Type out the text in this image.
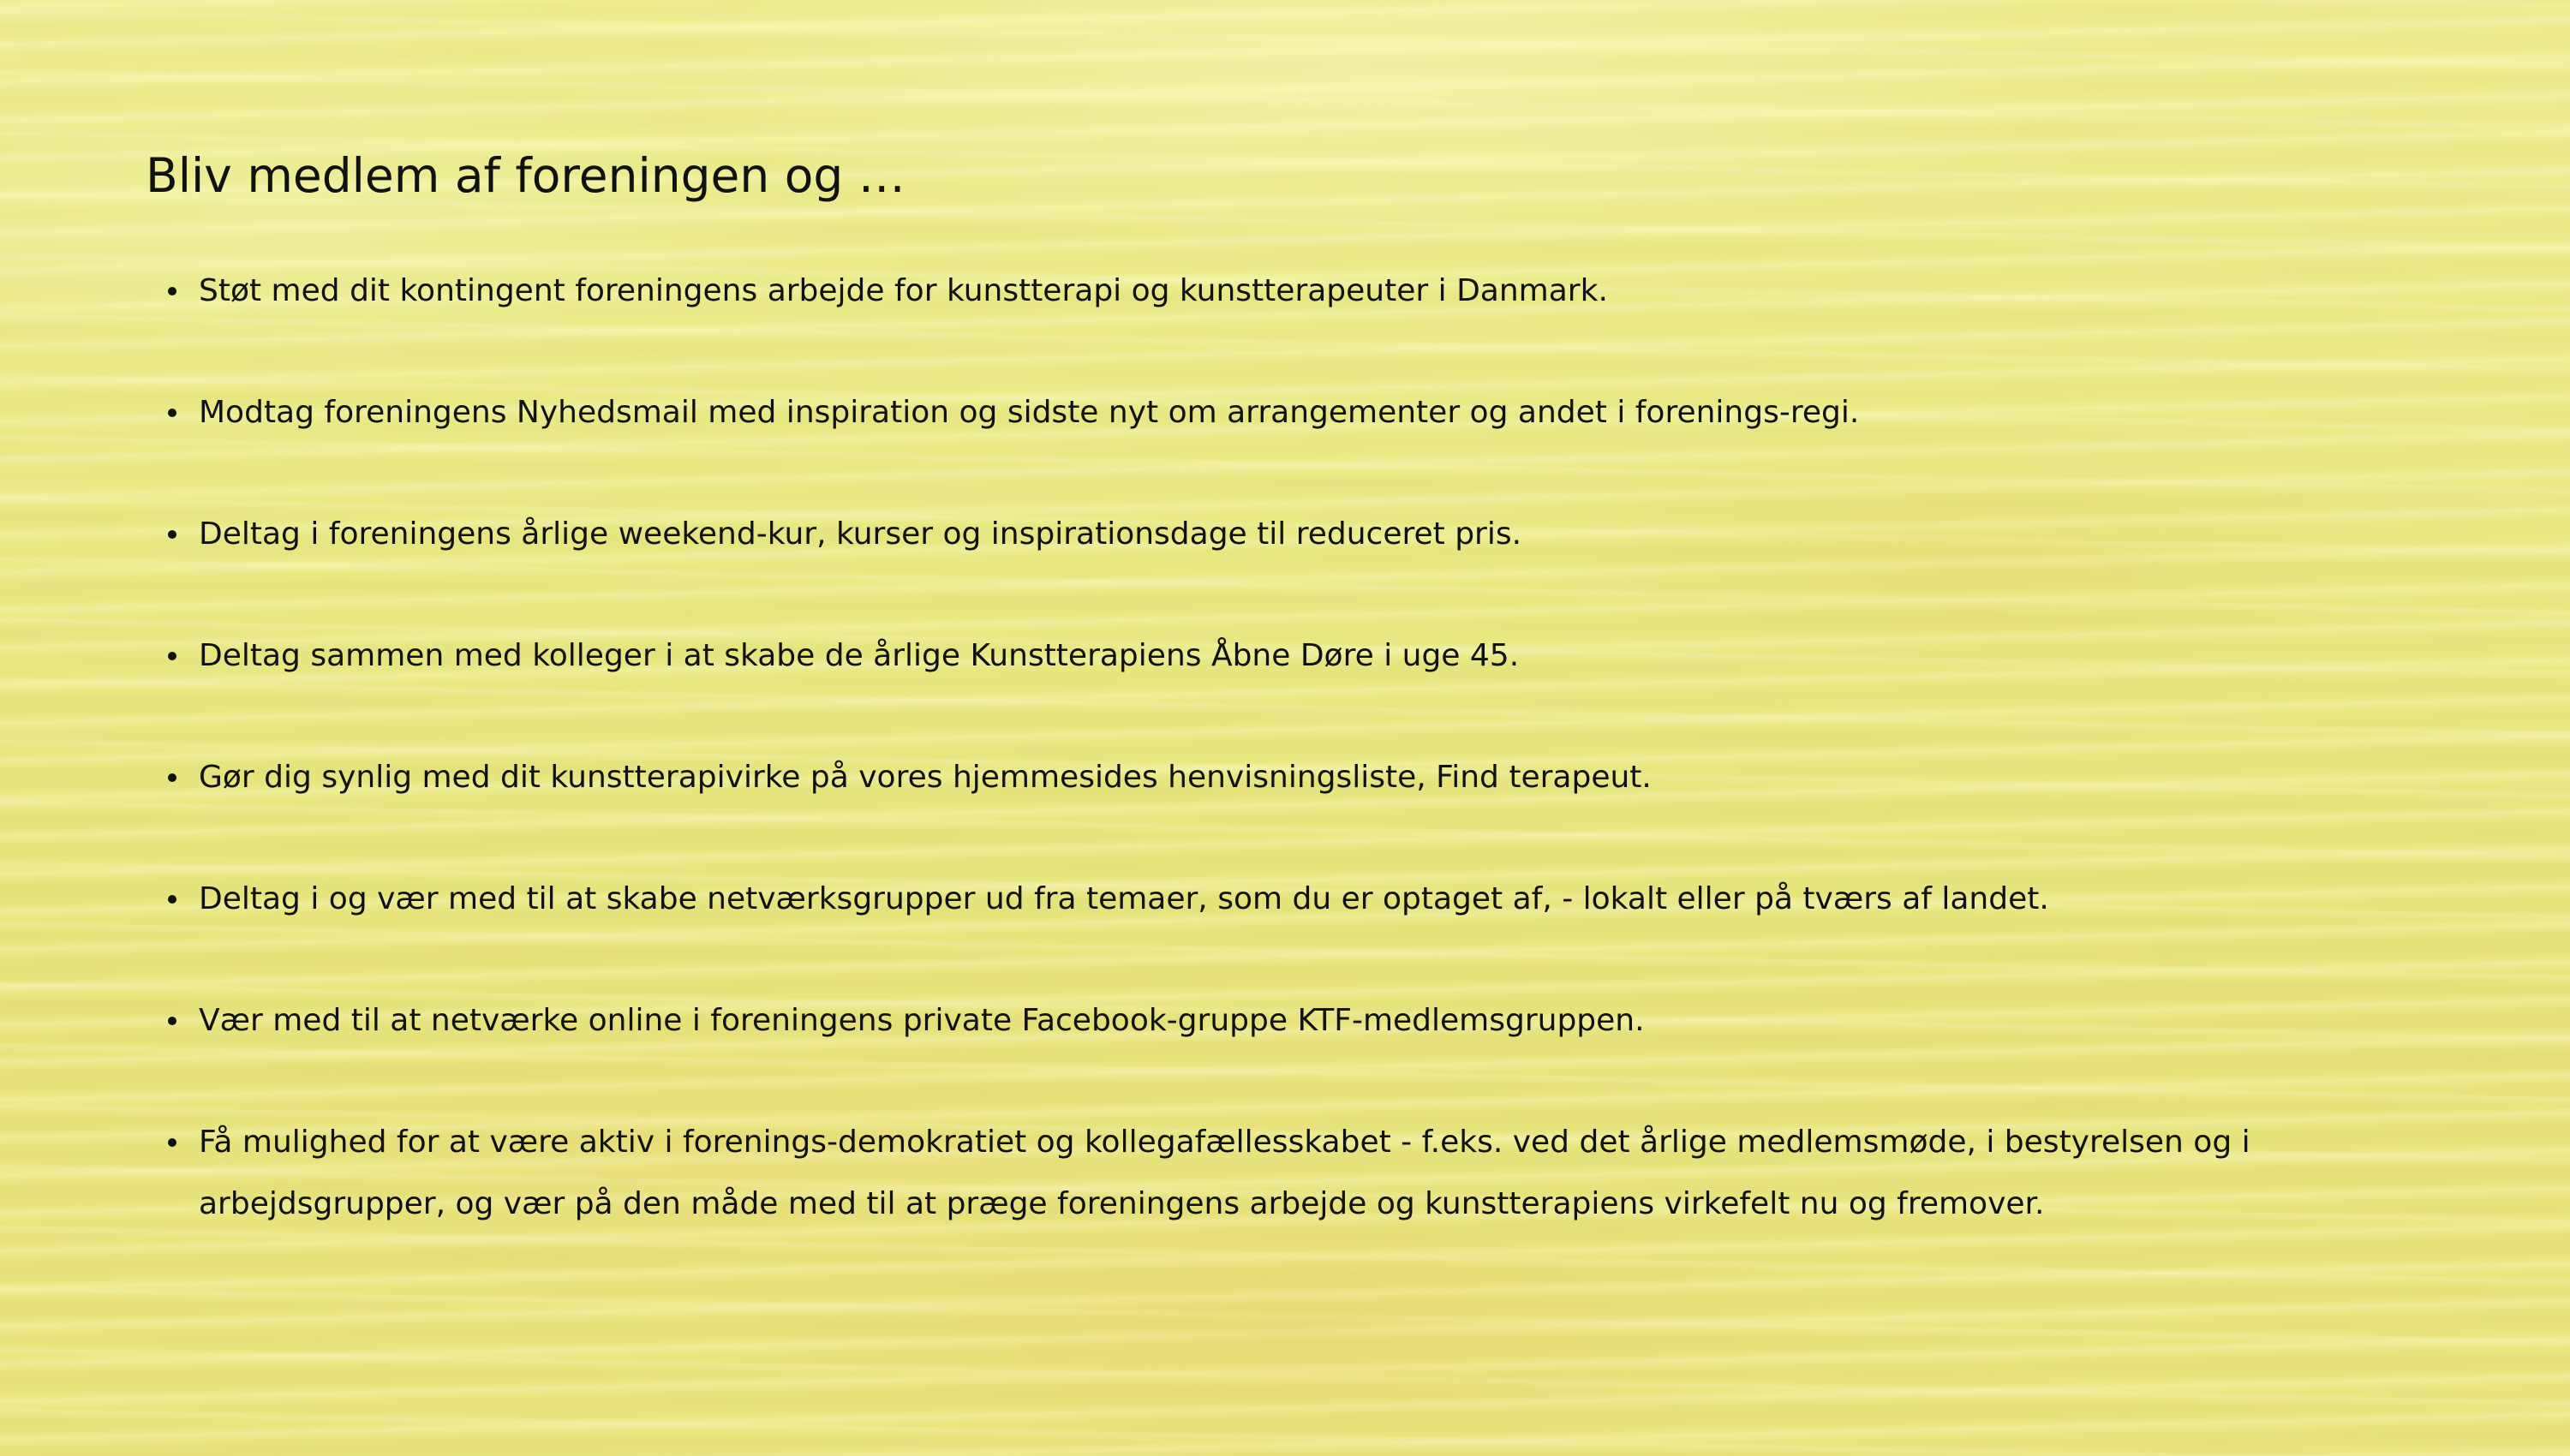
Bliv medlem af foreningen og …
Støt med dit kontingent foreningens arbejde for kunstterapi og kunstterapeuter i Danmark.
Modtag foreningens Nyhedsmail med inspiration og sidste nyt om arrangementer og andet i forenings-regi.
Deltag i foreningens årlige weekend-kur, kurser og inspirationsdage til reduceret pris.
Deltag sammen med kolleger i at skabe de årlige Kunstterapiens Åbne Døre i uge 45.
Gør dig synlig med dit kunstterapivirke på vores hjemmesides henvisningsliste, Find terapeut.
Deltag i og vær med til at skabe netværksgrupper ud fra temaer, som du er optaget af, - lokalt eller på tværs af landet.
Vær med til at netværke online i foreningens private Facebook-gruppe KTF-medlemsgruppen.
Få mulighed for at være aktiv i forenings-demokratiet og kollegafællesskabet - f.eks. ved det årlige medlemsmøde, i bestyrelsen og i arbejdsgrupper, og vær på den måde med til at præge foreningens arbejde og kunstterapiens virkefelt nu og fremover.
